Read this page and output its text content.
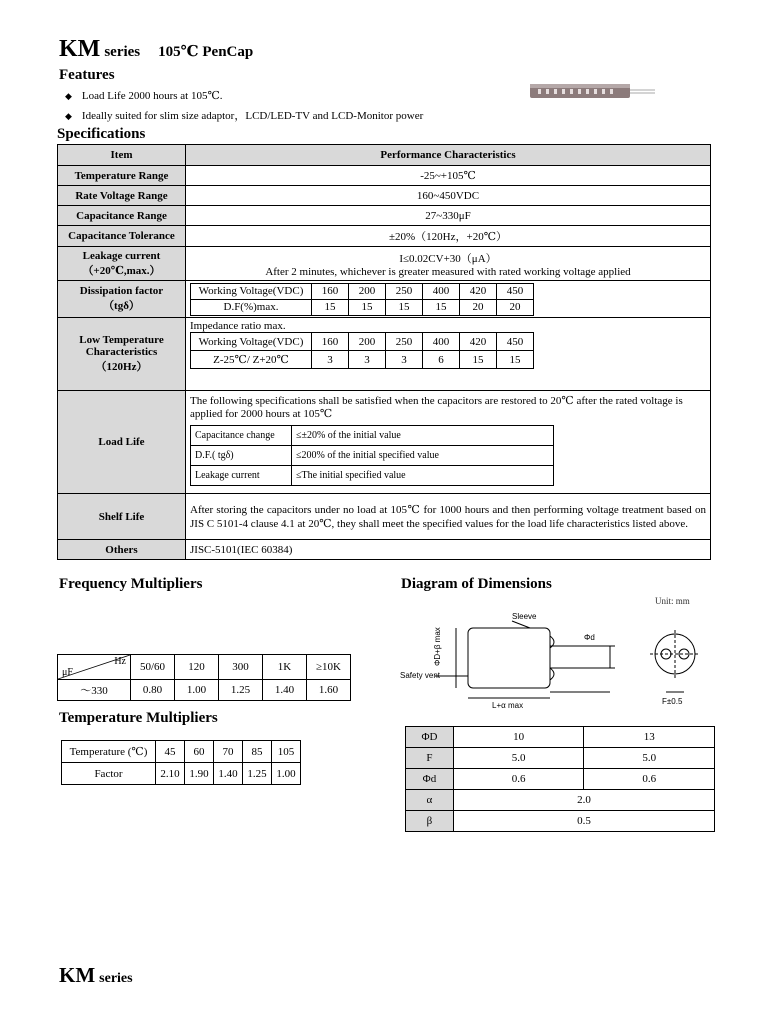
KM series 105℃ PenCap
Features
◆ Load Life 2000 hours at 105℃.
◆ Ideally suited for slim size adaptor，LCD/LED-TV and LCD-Monitor power
Specifications
Item	Performance Characteristics
Temperature Range	-25~+105℃
Rate Voltage Range	160~450VDC
Capacitance Range	27~330μF
Capacitance Tolerance	±20%（120Hz，+20℃）

Leakage current
（+20℃,max.）

I≤0.02CV+30（μA）
After 2 minutes, whichever is greater measured with rated working voltage applied

Dissipation factor
（tgδ）

Working Voltage(VDC)	160	200	250	400	420	450
D.F(%)max.	15	15	15	15	20	20

Low Temperature
Characteristics
（120Hz）

Impedance ratio max.
Working Voltage(VDC)	160	200	250	400	420	450
Z-25℃/ Z+20℃	3	3	3	6	15	15

Load Life	
The following specifications shall be satisfied when the capacitors are restored to 20℃ after the rated voltage is applied for 2000 hours at 105℃
Capacitance change	≤±20% of the initial value
D.F.( tgδ)	≤200% of the initial specified value
Leakage current	≤The initial specified value

Shelf Life	After storing the capacitors under no load at 105℃ for 1000 hours and then performing voltage treatment based on JIS C 5101-4 clause 4.1 at 20℃, they shall meet the specified values for the load life characteristics listed above.
Others	JISC-5101(IEC 60384)
Frequency Multipliers
Hz
μF	50/60	120	300	1K	≥10K
～330	0.80	1.00	1.25	1.40	1.60
Temperature Multipliers
Temperature (℃)	45	60	70	85	105
Factor	2.10	1.90	1.40	1.25	1.00
Diagram of Dimensions
Unit: mm
Sleeve
Φd
Safety vent
L+α max
ΦD+β max
F±0.5
ΦD	10	13
F	5.0	5.0
Φd	0.6	0.6
α	2.0	
β	0.5	
KM series
